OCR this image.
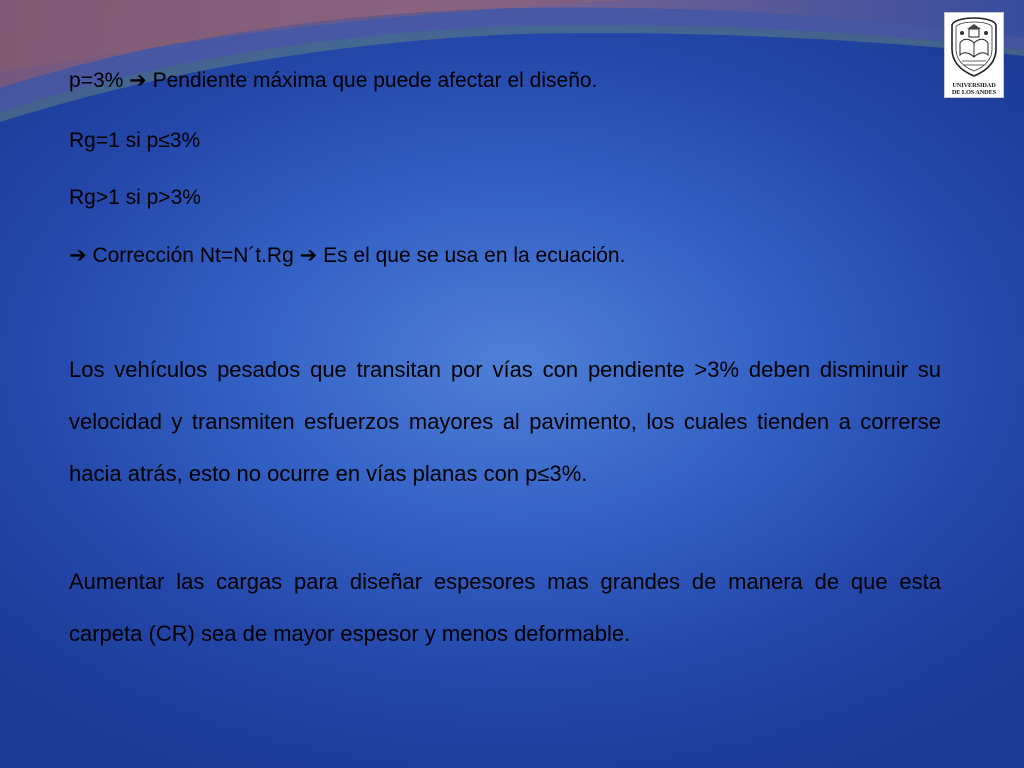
UNIVERSIDAD
DE LOS ANDES
p=3% ➔ Pendiente máxima que puede afectar el diseño.
Rg=1 si p≤3%
Rg>1 si p>3%
➔ Corrección Nt=N´t.Rg ➔ Es el que se usa en la ecuación.

Los vehículos pesados que transitan por vías con pendiente >3% deben disminuir su velocidad y transmiten esfuerzos mayores al pavimento, los cuales tienden a correrse hacia atrás, esto no ocurre en vías planas con p≤3%.

Aumentar las cargas para diseñar espesores mas grandes de manera de que esta carpeta (CR) sea de mayor espesor y menos deformable.
